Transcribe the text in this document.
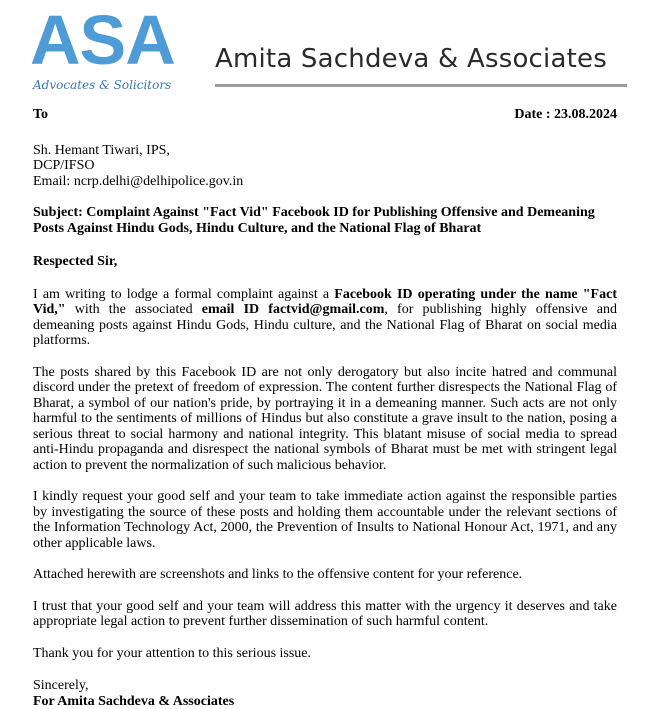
ASA
Advocates & Solicitors
Amita Sachdeva & Associates
To	Date : 23.08.2024
Sh. Hemant Tiwari, IPS,
DCP/IFSO
Email: ncrp.delhi@delhipolice.gov.in
Subject: Complaint Against "Fact Vid" Facebook ID for Publishing Offensive and Demeaning Posts Against Hindu Gods, Hindu Culture, and the National Flag of Bharat
Respected Sir,

I am writing to lodge a formal complaint against a Facebook ID operating under the name "Fact Vid," with the associated email ID factvid@gmail.com, for publishing highly offensive and demeaning posts against Hindu Gods, Hindu culture, and the National Flag of Bharat on social media platforms.

The posts shared by this Facebook ID are not only derogatory but also incite hatred and communal discord under the pretext of freedom of expression. The content further disrespects the National Flag of Bharat, a symbol of our nation's pride, by portraying it in a demeaning manner. Such acts are not only harmful to the sentiments of millions of Hindus but also constitute a grave insult to the nation, posing a serious threat to social harmony and national integrity. This blatant misuse of social media to spread anti-Hindu propaganda and disrespect the national symbols of Bharat must be met with stringent legal action to prevent the normalization of such malicious behavior.

I kindly request your good self and your team to take immediate action against the responsible parties by investigating the source of these posts and holding them accountable under the relevant sections of the Information Technology Act, 2000, the Prevention of Insults to National Honour Act, 1971, and any other applicable laws.

Attached herewith are screenshots and links to the offensive content for your reference.

I trust that your good self and your team will address this matter with the urgency it deserves and take appropriate legal action to prevent further dissemination of such harmful content.

Thank you for your attention to this serious issue.

Sincerely,
For Amita Sachdeva & Associates
